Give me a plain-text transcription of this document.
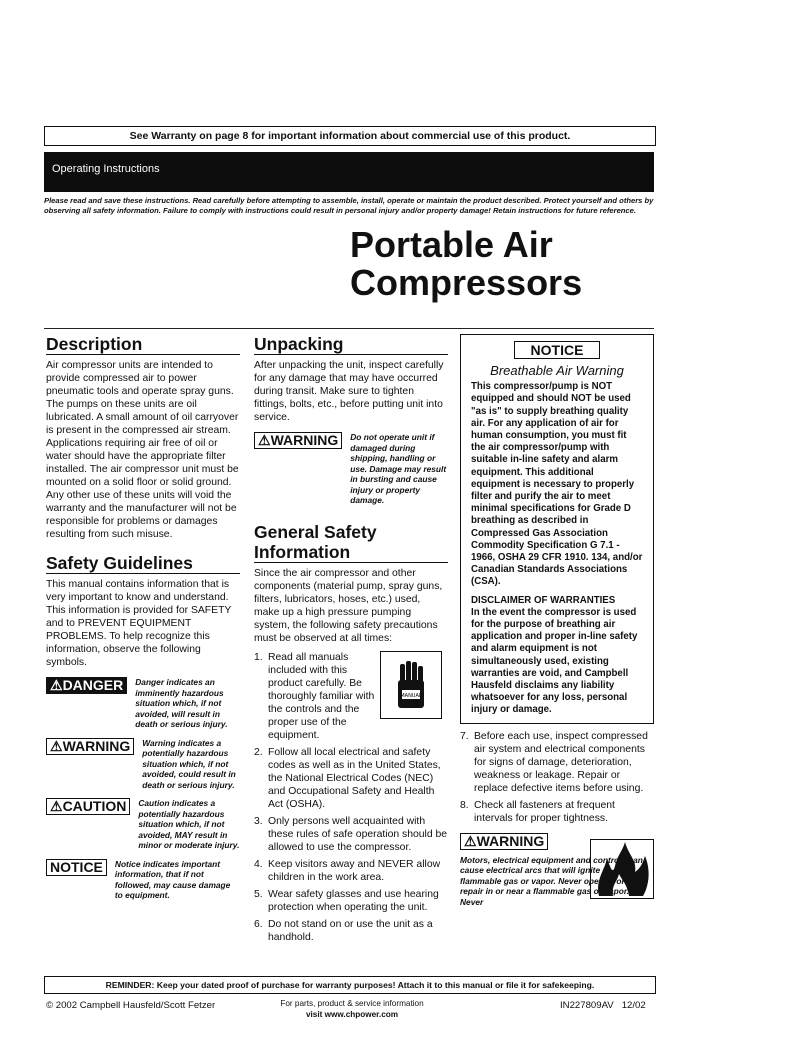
See Warranty on page 8 for important information about commercial use of this product.
Operating Instructions
Please read and save these instructions. Read carefully before attempting to assemble, install, operate or maintain the product described. Protect yourself and others by observing all safety information. Failure to comply with instructions could result in personal injury and/or property damage! Retain instructions for future reference.
Portable Air
Compressors
Description

Air compressor units are intended to provide compressed air to power pneumatic tools and operate spray guns. The pumps on these units are oil lubricated. A small amount of oil carryover is present in the compressed air stream. Applications requiring air free of oil or water should have the appropriate filter installed. The air compressor unit must be mounted on a solid floor or solid ground. Any other use of these units will void the warranty and the manufacturer will not be responsible for problems or damages resulting from such misuse.

Safety Guidelines

This manual contains information that is very important to know and understand. This information is provided for SAFETY and to PREVENT EQUIPMENT PROBLEMS. To help recognize this information, observe the following symbols.

⚠DANGER	Danger indicates an imminently hazardous situation which, if not avoided, will result in death or serious injury.
⚠WARNING	Warning indicates a potentially hazardous situation which, if not avoided, could result in death or serious injury.
⚠CAUTION	Caution indicates a potentially hazardous situation which, if not avoided, MAY result in minor or moderate injury.
NOTICE	Notice indicates important information, that if not followed, may cause damage to equipment.
Unpacking

After unpacking the unit, inspect carefully for any damage that may have occurred during transit. Make sure to tighten fittings, bolts, etc., before putting unit into service.

⚠WARNING	Do not operate unit if damaged during shipping, handling or use. Damage may result in bursting and cause injury or property damage.
General Safety
Information

Since the air compressor and other components (material pump, spray guns, filters, lubricators, hoses, etc.) used, make up a high pressure pumping system, the following safety precautions must be observed at all times:

MANUAL
1. Read all manuals included with this product carefully. Be thoroughly familiar with the controls and the proper use of the equipment.
2. Follow all local electrical and safety codes as well as in the United States, the National Electrical Codes (NEC) and Occupational Safety and Health Act (OSHA).
3. Only persons well acquainted with these rules of safe operation should be allowed to use the compressor.
4. Keep visitors away and NEVER allow children in the work area.
5. Wear safety glasses and use hearing protection when operating the unit.
6. Do not stand on or use the unit as a handhold.
NOTICE
Breathable Air Warning

This compressor/pump is NOT equipped and should NOT be used "as is" to supply breathing quality air. For any application of air for human consumption, you must fit the air compressor/pump with suitable in-line safety and alarm equipment. This additional equipment is necessary to properly filter and purify the air to meet minimal specifications for Grade D breathing as described in Compressed Gas Association Commodity Specification G 7.1 - 1966, OSHA 29 CFR 1910. 134, and/or Canadian Standards Associations (CSA).

DISCLAIMER OF WARRANTIES

In the event the compressor is used for the purpose of breathing air application and proper in-line safety and alarm equipment is not simultaneously used, existing warranties are void, and Campbell Hausfeld disclaims any liability whatsoever for any loss, personal injury or damage.

7. Before each use, inspect compressed air system and electrical components for signs of damage, deterioration, weakness or leakage. Repair or replace defective items before using.
8. Check all fasteners at frequent intervals for proper tightness.
⚠WARNING
Motors, electrical equipment and controls can cause electrical arcs that will ignite a flammable gas or vapor. Never operate or repair in or near a flammable gas or vapor. Never
REMINDER: Keep your dated proof of purchase for warranty purposes! Attach it to this manual or file it for safekeeping.
© 2002 Campbell Hausfeld/Scott Fetzer	For parts, product & service information
visit www.chpower.com
IN227809AV   12/02
